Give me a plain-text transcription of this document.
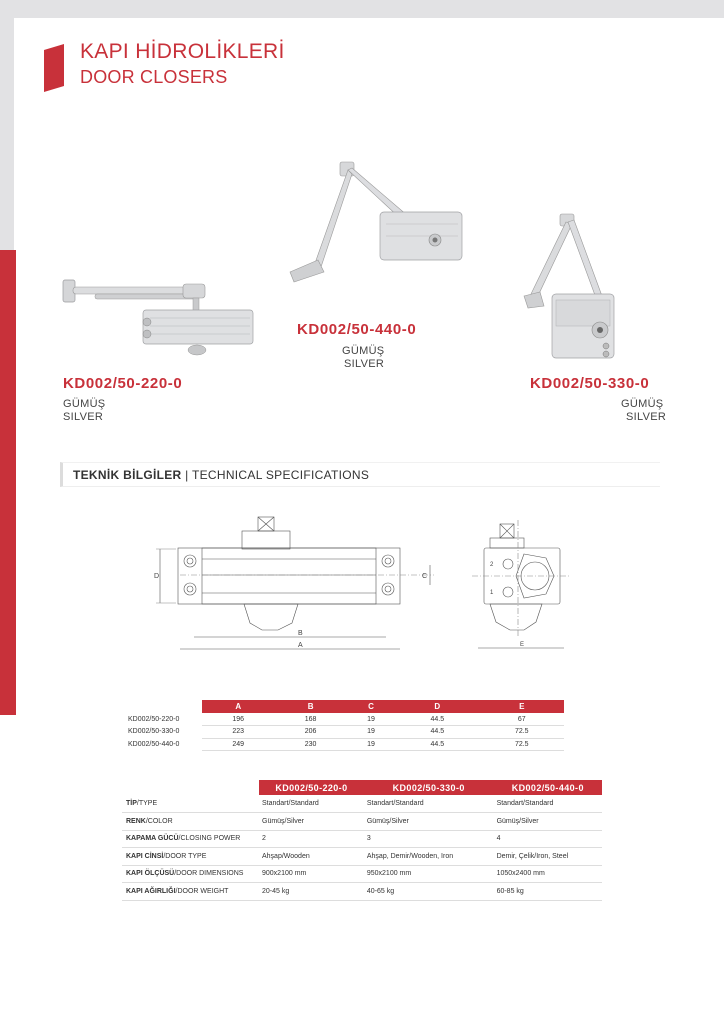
KAPI HİDROLİKLERİ
DOOR CLOSERS
KD002/50-220-0
GÜMÜŞ
SILVER
KD002/50-440-0
GÜMÜŞ
SILVER
KD002/50-330-0
GÜMÜŞ
SILVER
TEKNİK BİLGİLER | TECHNICAL SPECIFICATIONS
D	C
B
A
2
1
E
	A	B	C	D	E
KD002/50-220-0	196	168	19	44.5	67
KD002/50-330-0	223	206	19	44.5	72.5
KD002/50-440-0	249	230	19	44.5	72.5
	KD002/50-220-0	KD002/50-330-0	KD002/50-440-0
TİP/TYPE	Standart/Standard	Standart/Standard	Standart/Standard
RENK/COLOR	Gümüş/Silver	Gümüş/Silver	Gümüş/Silver
KAPAMA GÜCÜ/CLOSING POWER	2	3	4
KAPI CİNSİ/DOOR TYPE	Ahşap/Wooden	Ahşap, Demir/Wooden, Iron	Demir, Çelik/Iron, Steel
KAPI ÖLÇÜSÜ/DOOR DIMENSIONS	900x2100 mm	950x2100 mm	1050x2400 mm
KAPI AĞIRLIĞI/DOOR WEIGHT	20-45 kg	40-65 kg	60-85 kg
